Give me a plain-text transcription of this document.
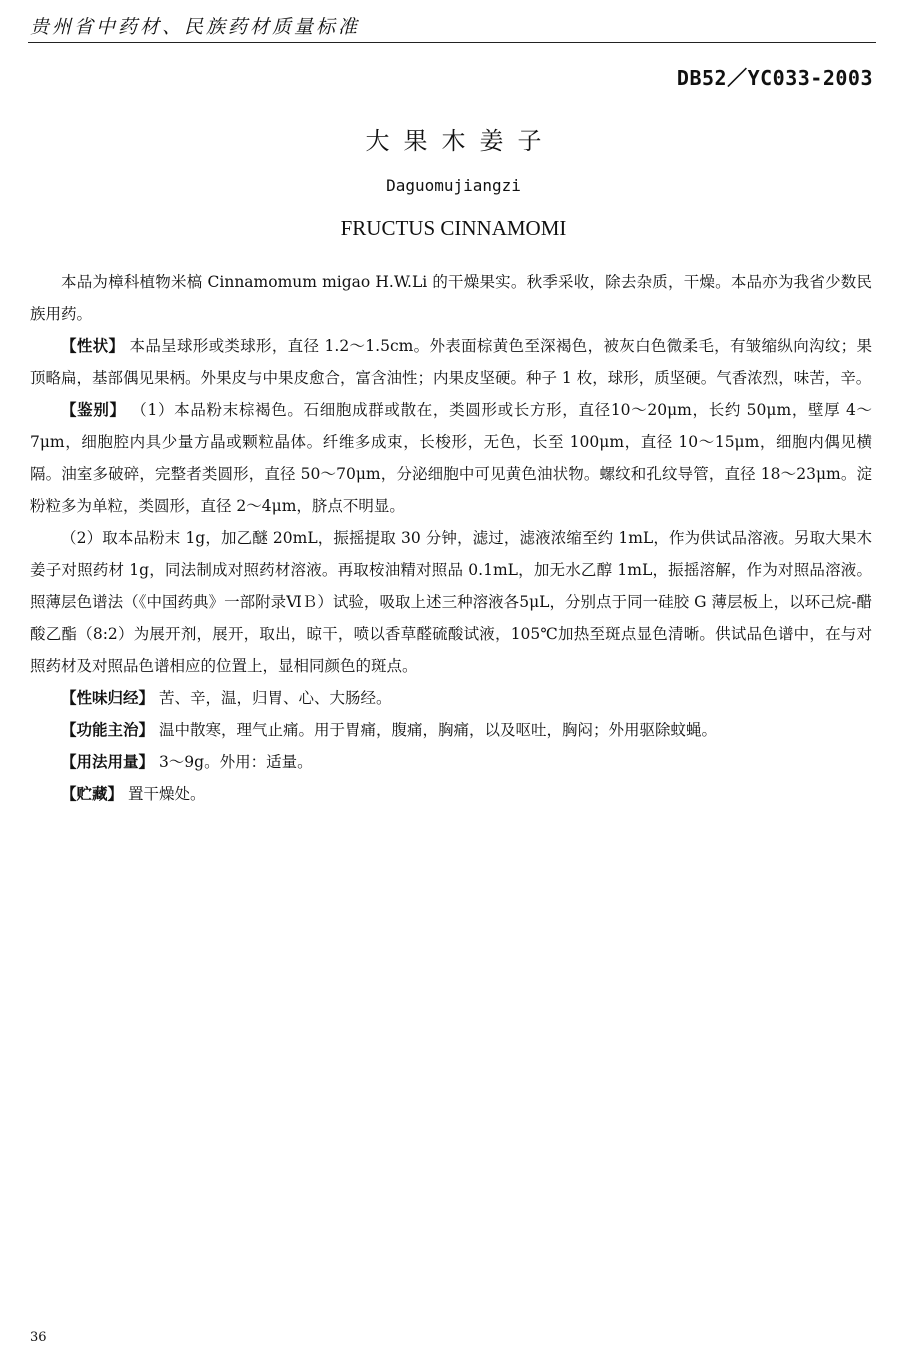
贵州省中药材、民族药材质量标准
DB52／YC033-2003
大果木姜子
Daguomujiangzi
FRUCTUS CINNAMOMI

本品为樟科植物米槁 Cinnamomum migao H.W.Li 的干燥果实。秋季采收，除去杂质，干燥。本品亦为我省少数民族用药。

【性状】 本品呈球形或类球形，直径 1.2～1.5cm。外表面棕黄色至深褐色，被灰白色微柔毛，有皱缩纵向沟纹；果顶略扁，基部偶见果柄。外果皮与中果皮愈合，富含油性；内果皮坚硬。种子 1 枚，球形，质坚硬。气香浓烈，味苦，辛。

【鉴别】 （1）本品粉末棕褐色。石细胞成群或散在，类圆形或长方形，直径10～20μm，长约 50μm，壁厚 4～7μm，细胞腔内具少量方晶或颗粒晶体。纤维多成束，长梭形，无色，长至 100μm，直径 10～15μm，细胞内偶见横隔。油室多破碎，完整者类圆形，直径 50～70μm，分泌细胞中可见黄色油状物。螺纹和孔纹导管，直径 18～23μm。淀粉粒多为单粒，类圆形，直径 2～4μm，脐点不明显。

（2）取本品粉末 1g，加乙醚 20mL，振摇提取 30 分钟，滤过，滤液浓缩至约 1mL，作为供试品溶液。另取大果木姜子对照药材 1g，同法制成对照药材溶液。再取桉油精对照品 0.1mL，加无水乙醇 1mL，振摇溶解，作为对照品溶液。照薄层色谱法（《中国药典》一部附录ⅥＢ）试验，吸取上述三种溶液各5μL，分别点于同一硅胶 G 薄层板上，以环己烷-醋酸乙酯（8:2）为展开剂，展开，取出，晾干，喷以香草醛硫酸试液，105℃加热至斑点显色清晰。供试品色谱中，在与对照药材及对照品色谱相应的位置上，显相同颜色的斑点。

【性味归经】 苦、辛，温，归胃、心、大肠经。

【功能主治】 温中散寒，理气止痛。用于胃痛，腹痛，胸痛，以及呕吐，胸闷；外用驱除蚊蝇。

【用法用量】 3～9g。外用：适量。

【贮藏】 置干燥处。

36
